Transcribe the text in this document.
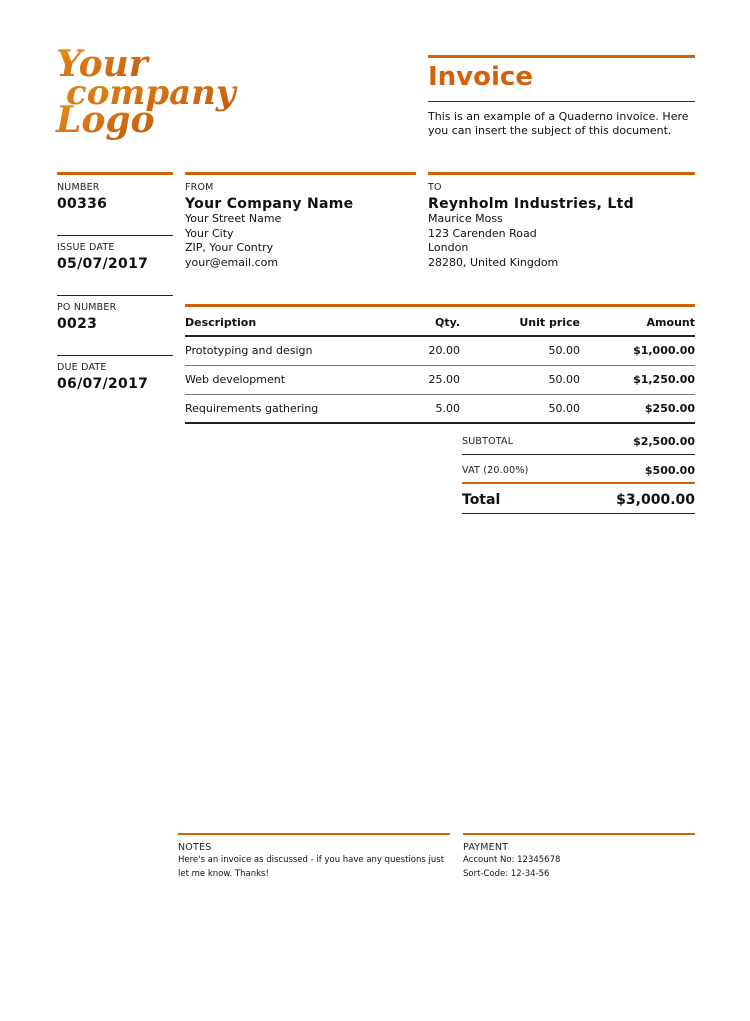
Your
company
Logo
Invoice
This is an example of a Quaderno invoice. Here you can insert the subject of this document.
NUMBER
00336
ISSUE DATE
05/07/2017
PO NUMBER
0023
DUE DATE
06/07/2017
FROM
Your Company Name
Your Street Name
Your City
ZIP, Your Contry
your@email.com
TO
Reynholm Industries, Ltd
Maurice Moss
123 Carenden Road
London
28280, United Kingdom
Description	Qty.	Unit price	Amount
Prototyping and design	20.00	50.00	$1,000.00
Web development	25.00	50.00	$1,250.00
Requirements gathering	5.00	50.00	$250.00
SUBTOTAL	$2,500.00
VAT (20.00%)	$500.00
Total	$3,000.00
NOTES
Here's an invoice as discussed - if you have any questions just
let me know. Thanks!
PAYMENT
Account No: 12345678
Sort-Code: 12-34-56
